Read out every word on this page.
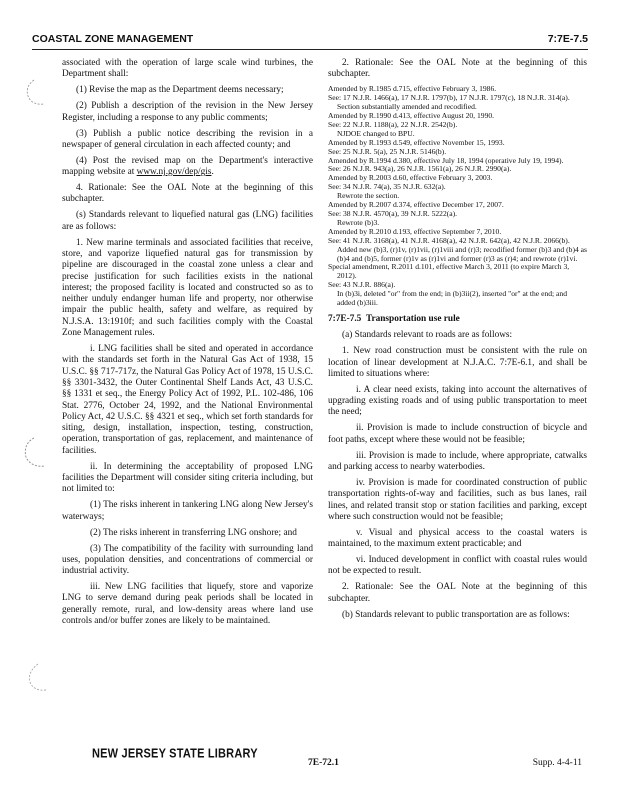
COASTAL ZONE MANAGEMENT	7:7E-7.5

associated with the operation of large scale wind turbines, the Department shall:

(1) Revise the map as the Department deems necessary;

(2) Publish a description of the revision in the New Jersey Register, including a response to any public comments;

(3) Publish a public notice describing the revision in a newspaper of general circulation in each affected county; and

(4) Post the revised map on the Department's interactive mapping website at www.nj.gov/dep/gis.

4. Rationale: See the OAL Note at the beginning of this subchapter.

(s) Standards relevant to liquefied natural gas (LNG) facilities are as follows:

1. New marine terminals and associated facilities that receive, store, and vaporize liquefied natural gas for transmission by pipeline are discouraged in the coastal zone unless a clear and precise justification for such facilities exists in the national interest; the proposed facility is located and constructed so as to neither unduly endanger human life and property, nor otherwise impair the public health, safety and welfare, as required by N.J.S.A. 13:1910f; and such facilities comply with the Coastal Zone Management rules.

i. LNG facilities shall be sited and operated in accordance with the standards set forth in the Natural Gas Act of 1938, 15 U.S.C. §§ 717-717z, the Natural Gas Policy Act of 1978, 15 U.S.C. §§ 3301-3432, the Outer Continental Shelf Lands Act, 43 U.S.C. §§ 1331 et seq., the Energy Policy Act of 1992, P.L. 102-486, 106 Stat. 2776, October 24, 1992, and the National Environmental Policy Act, 42 U.S.C. §§ 4321 et seq., which set forth standards for siting, design, installation, inspection, testing, construction, operation, transportation of gas, replacement, and maintenance of facilities.

ii. In determining the acceptability of proposed LNG facilities the Department will consider siting criteria including, but not limited to:

(1) The risks inherent in tankering LNG along New Jersey's waterways;

(2) The risks inherent in transferring LNG onshore; and

(3) The compatibility of the facility with surrounding land uses, population densities, and concentrations of commercial or industrial activity.

iii. New LNG facilities that liquefy, store and vaporize LNG to serve demand during peak periods shall be located in generally remote, rural, and low-density areas where land use controls and/or buffer zones are likely to be maintained.

2. Rationale: See the OAL Note at the beginning of this subchapter.

Amended by R.1985 d.715, effective February 3, 1986.
See: 17 N.J.R. 1466(a), 17 N.J.R. 1797(b), 17 N.J.R. 1797(c), 18 N.J.R. 314(a).
Section substantially amended and recodified.
Amended by R.1990 d.413, effective August 20, 1990.
See: 22 N.J.R. 1188(a), 22 N.J.R. 2542(b).
NJDOE changed to BPU.
Amended by R.1993 d.549, effective November 15, 1993.
See: 25 N.J.R. 5(a), 25 N.J.R. 5146(b).
Amended by R.1994 d.380, effective July 18, 1994 (operative July 19, 1994).
See: 26 N.J.R. 943(a), 26 N.J.R. 1561(a), 26 N.J.R. 2990(a).
Amended by R.2003 d.60, effective February 3, 2003.
See: 34 N.J.R. 74(a), 35 N.J.R. 632(a).
Rewrote the section.
Amended by R.2007 d.374, effective December 17, 2007.
See: 38 N.J.R. 4570(a), 39 N.J.R. 5222(a).
Rewrote (b)3.
Amended by R.2010 d.193, effective September 7, 2010.
See: 41 N.J.R. 3168(a), 41 N.J.R. 4168(a), 42 N.J.R. 642(a), 42 N.J.R. 2066(b).
Added new (b)3, (r)1v, (r)1vii, (r)1viii and (r)3; recodified former (b)3 and (b)4 as (b)4 and (b)5, former (r)1v as (r)1vi and former (r)3 as (r)4; and rewrote (r)1vi.
Special amendment, R.2011 d.101, effective March 3, 2011 (to expire March 3, 2012).
See: 43 N.J.R. 886(a).
In (b)3i, deleted "or" from the end; in (b)3ii(2), inserted "or" at the end; and added (b)3iii.

7:7E-7.5 Transportation use rule

(a) Standards relevant to roads are as follows:

1. New road construction must be consistent with the rule on location of linear development at N.J.A.C. 7:7E-6.1, and shall be limited to situations where:

i. A clear need exists, taking into account the alternatives of upgrading existing roads and of using public transportation to meet the need;

ii. Provision is made to include construction of bicycle and foot paths, except where these would not be feasible;

iii. Provision is made to include, where appropriate, catwalks and parking access to nearby waterbodies.

iv. Provision is made for coordinated construction of public transportation rights-of-way and facilities, such as bus lanes, rail lines, and related transit stop or station facilities and parking, except where such construction would not be feasible;

v. Visual and physical access to the coastal waters is maintained, to the maximum extent practicable; and

vi. Induced development in conflict with coastal rules would not be expected to result.

2. Rationale: See the OAL Note at the beginning of this subchapter.

(b) Standards relevant to public transportation are as follows:

NEW JERSEY STATE LIBRARY
7E-72.1	Supp. 4-4-11
